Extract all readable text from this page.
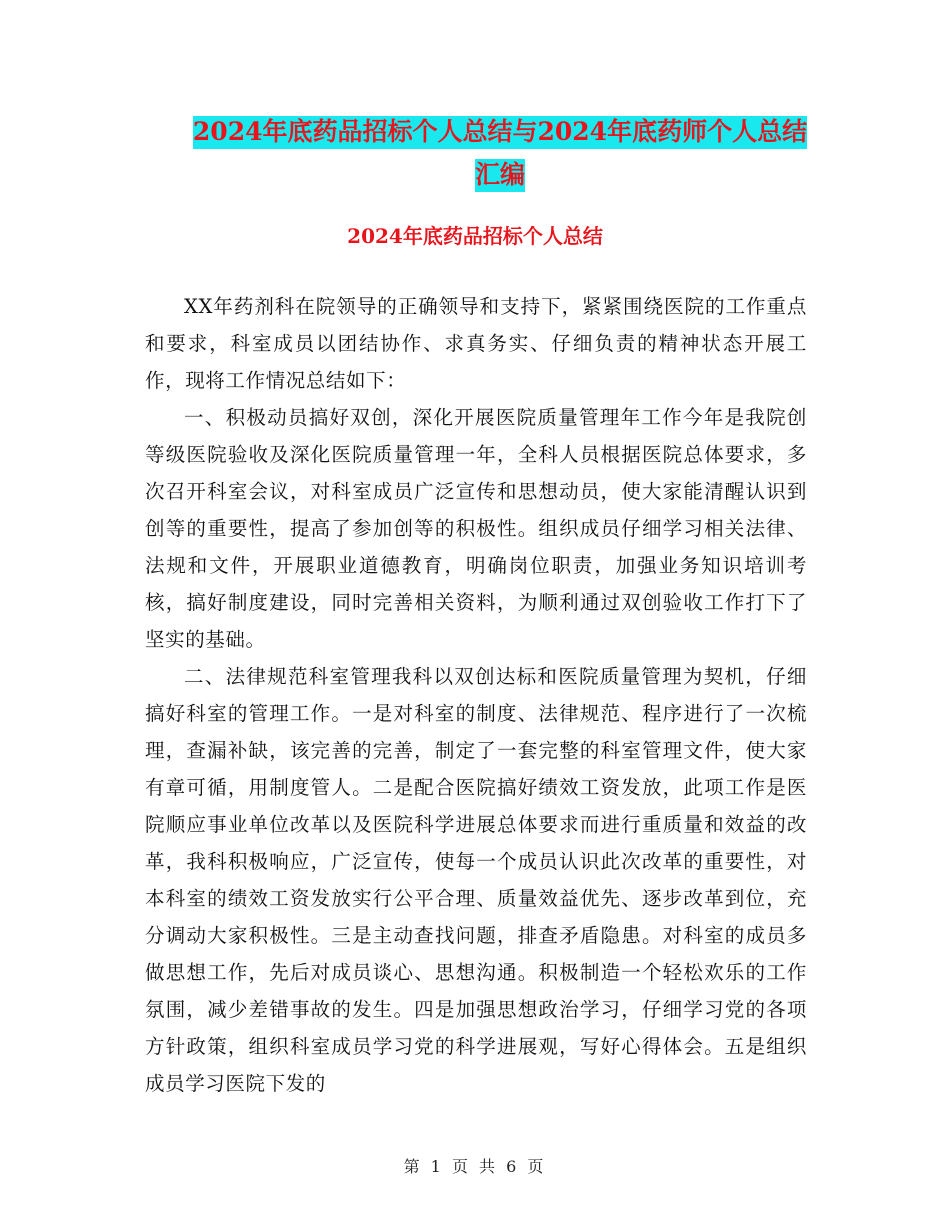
2024年底药品招标个人总结与2024年底药师个人总结
汇编
2024年底药品招标个人总结

XX年药剂科在院领导的正确领导和支持下，紧紧围绕医院的工作重点和要求，科室成员以团结协作、求真务实、仔细负责的精神状态开展工作，现将工作情况总结如下：

一、积极动员搞好双创，深化开展医院质量管理年工作今年是我院创等级医院验收及深化医院质量管理一年，全科人员根据医院总体要求，多次召开科室会议，对科室成员广泛宣传和思想动员，使大家能清醒认识到创等的重要性，提高了参加创等的积极性。组织成员仔细学习相关法律、法规和文件，开展职业道德教育，明确岗位职责，加强业务知识培训考核，搞好制度建设，同时完善相关资料，为顺利通过双创验收工作打下了坚实的基础。

二、法律规范科室管理我科以双创达标和医院质量管理为契机，仔细搞好科室的管理工作。一是对科室的制度、法律规范、程序进行了一次梳理，查漏补缺，该完善的完善，制定了一套完整的科室管理文件，使大家有章可循，用制度管人。二是配合医院搞好绩效工资发放，此项工作是医院顺应事业单位改革以及医院科学进展总体要求而进行重质量和效益的改革，我科积极响应，广泛宣传，使每一个成员认识此次改革的重要性，对本科室的绩效工资发放实行公平合理、质量效益优先、逐步改革到位，充分调动大家积极性。三是主动查找问题，排查矛盾隐患。对科室的成员多做思想工作，先后对成员谈心、思想沟通。积极制造一个轻松欢乐的工作氛围，减少差错事故的发生。四是加强思想政治学习，仔细学习党的各项方针政策，组织科室成员学习党的科学进展观，写好心得体会。五是组织成员学习医院下发的

第 1 页 共 6 页
